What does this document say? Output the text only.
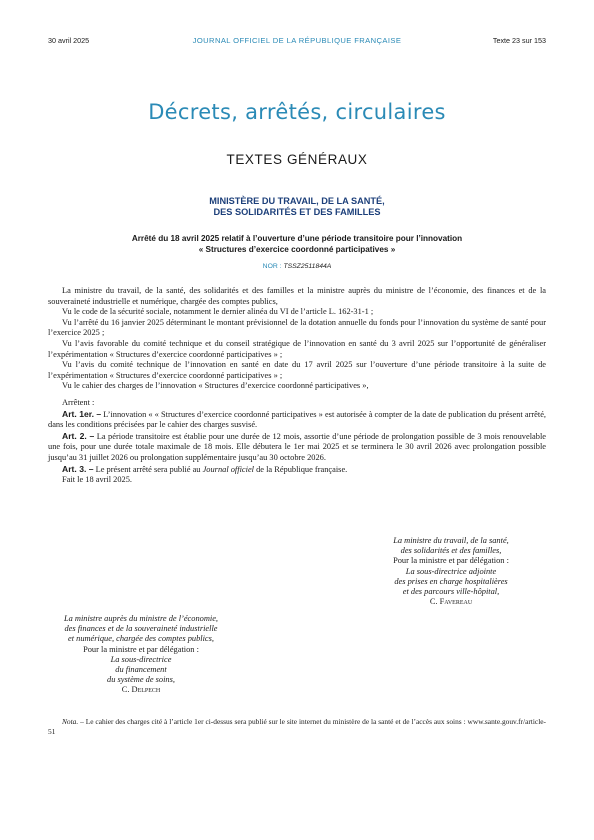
30 avril 2025	JOURNAL OFFICIEL DE LA RÉPUBLIQUE FRANÇAISE	Texte 23 sur 153
Décrets, arrêtés, circulaires
TEXTES GÉNÉRAUX
MINISTÈRE DU TRAVAIL, DE LA SANTÉ,
DES SOLIDARITÉS ET DES FAMILLES
Arrêté du 18 avril 2025 relatif à l’ouverture d’une période transitoire pour l’innovation
« Structures d’exercice coordonné participatives »
NOR : TSSZ2511844A

La ministre du travail, de la santé, des solidarités et des familles et la ministre auprès du ministre de l’économie, des finances et de la souveraineté industrielle et numérique, chargée des comptes publics,

Vu le code de la sécurité sociale, notamment le dernier alinéa du VI de l’article L. 162-31-1 ;

Vu l’arrêté du 16 janvier 2025 déterminant le montant prévisionnel de la dotation annuelle du fonds pour l’innovation du système de santé pour l’exercice 2025 ;

Vu l’avis favorable du comité technique et du conseil stratégique de l’innovation en santé du 3 avril 2025 sur l’opportunité de généraliser l’expérimentation « Structures d’exercice coordonné participatives » ;

Vu l’avis du comité technique de l’innovation en santé en date du 17 avril 2025 sur l’ouverture d’une période transitoire à la suite de l’expérimentation « Structures d’exercice coordonné participatives » ;

Vu le cahier des charges de l’innovation « Structures d’exercice coordonné participatives »,

Arrêtent :

Art. 1er. – L’innovation « « Structures d’exercice coordonné participatives » est autorisée à compter de la date de publication du présent arrêté, dans les conditions précisées par le cahier des charges susvisé.

Art. 2. – La période transitoire est établie pour une durée de 12 mois, assortie d’une période de prolongation possible de 3 mois renouvelable une fois, pour une durée totale maximale de 18 mois. Elle débutera le 1er mai 2025 et se terminera le 30 avril 2026 avec prolongation possible jusqu’au 31 juillet 2026 ou prolongation supplémentaire jusqu’au 30 octobre 2026.

Art. 3. – Le présent arrêté sera publié au Journal officiel de la République française.

Fait le 18 avril 2025.

La ministre du travail, de la santé,
des solidarités et des familles,
Pour la ministre et par délégation :
La sous-directrice adjointe
des prises en charge hospitalières
et des parcours ville-hôpital,
C. Favereau
La ministre auprès du ministre de l’économie,
des finances et de la souveraineté industrielle
et numérique, chargée des comptes publics,
Pour la ministre et par délégation :
La sous-directrice
du financement
du système de soins,
C. Delpech
Nota. – Le cahier des charges cité à l’article 1er ci-dessus sera publié sur le site internet du ministère de la santé et de l’accès aux soins : www.sante.gouv.fr/article-51
